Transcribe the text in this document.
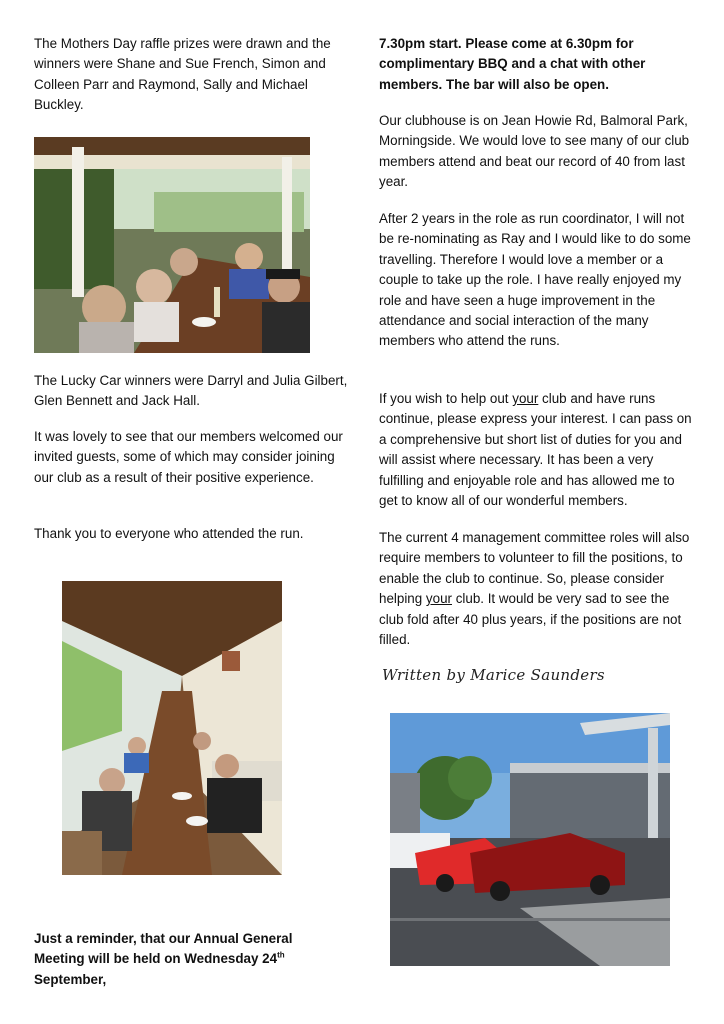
The Mothers Day raffle prizes were drawn and the winners were Shane and Sue French, Simon and Colleen Parr and Raymond, Sally and Michael Buckley.

The Lucky Car winners were Darryl and Julia Gilbert, Glen Bennett and Jack Hall.

It was lovely to see that our members welcomed our invited guests, some of which may consider joining our club as a result of their positive experience.

Thank you to everyone who attended the run.

Just a reminder, that our Annual General Meeting will be held on Wednesday 24th
September,

7.30pm start. Please come at 6.30pm for complimentary BBQ and a chat with other members. The bar will also be open.

Our clubhouse is on Jean Howie Rd, Balmoral Park, Morningside. We would love to see many of our club members attend and beat our record of 40 from last year.

After 2 years in the role as run coordinator, I will not be re-nominating as Ray and I would like to do some travelling. Therefore I would love a member or a couple to take up the role. I have really enjoyed my role and have seen a huge improvement in the attendance and social interaction of the many members who attend the runs.

If you wish to help out your club and have runs continue, please express your interest. I can pass on a comprehensive but short list of duties for you and will assist where necessary. It has been a very fulfilling and enjoyable role and has allowed me to get to know all of our wonderful members.

The current 4 management committee roles will also require members to volunteer to fill the positions, to enable the club to continue. So, please consider helping your club. It would be very sad to see the club fold after 40 plus years, if the positions are not filled.

Written by Marice Saunders
